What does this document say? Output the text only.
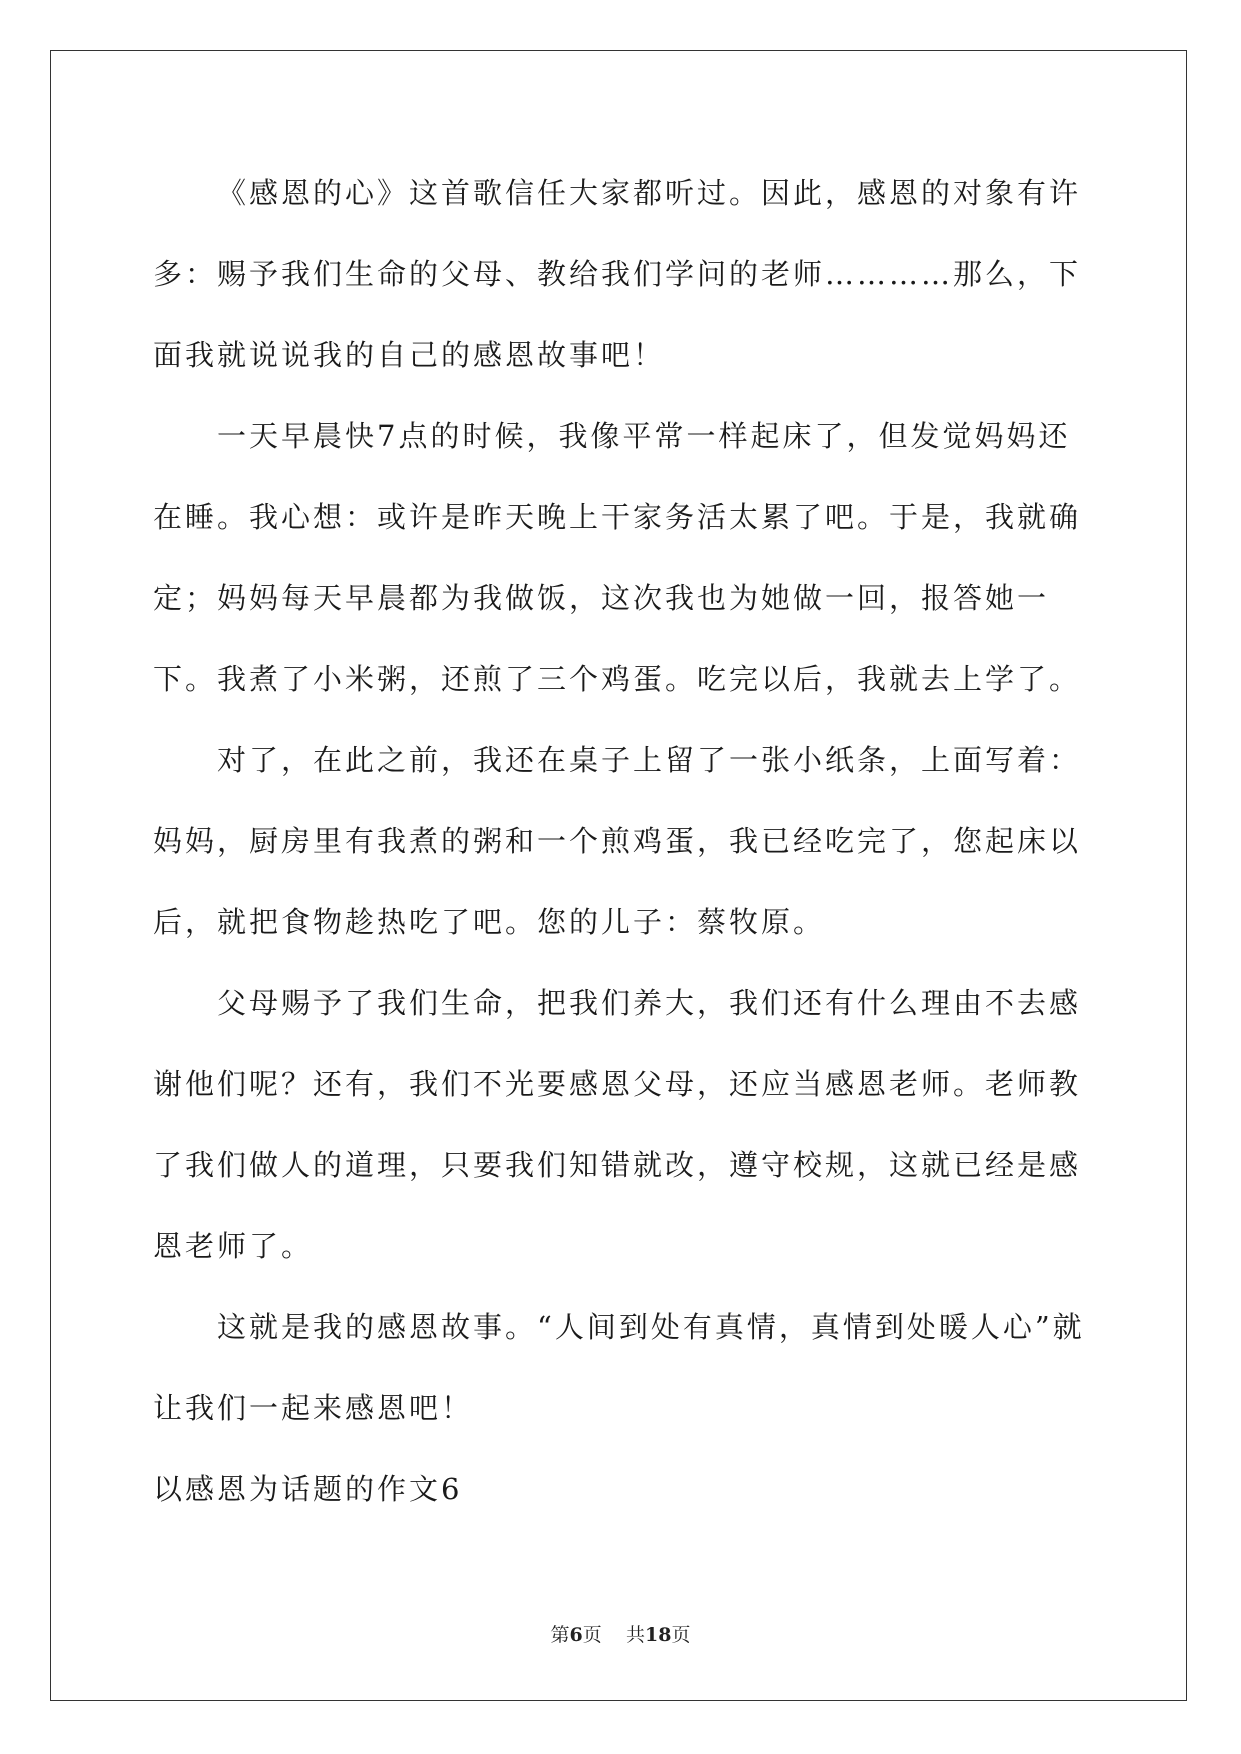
《感恩的心》这首歌信任大家都听过。因此，感恩的对象有许多：赐予我们生命的父母、教给我们学问的老师…………那么，下面我就说说我的自己的感恩故事吧！

一天早晨快7点的时候，我像平常一样起床了，但发觉妈妈还在睡。我心想：或许是昨天晚上干家务活太累了吧。于是，我就确定；妈妈每天早晨都为我做饭，这次我也为她做一回，报答她一下。我煮了小米粥，还煎了三个鸡蛋。吃完以后，我就去上学了。

对了，在此之前，我还在桌子上留了一张小纸条，上面写着：妈妈，厨房里有我煮的粥和一个煎鸡蛋，我已经吃完了，您起床以后，就把食物趁热吃了吧。您的儿子：蔡牧原。

父母赐予了我们生命，把我们养大，我们还有什么理由不去感谢他们呢？还有，我们不光要感恩父母，还应当感恩老师。老师教了我们做人的道理，只要我们知错就改，遵守校规，这就已经是感恩老师了。

这就是我的感恩故事。“人间到处有真情，真情到处暖人心”就让我们一起来感恩吧！

以感恩为话题的作文6

第6页 共18页
